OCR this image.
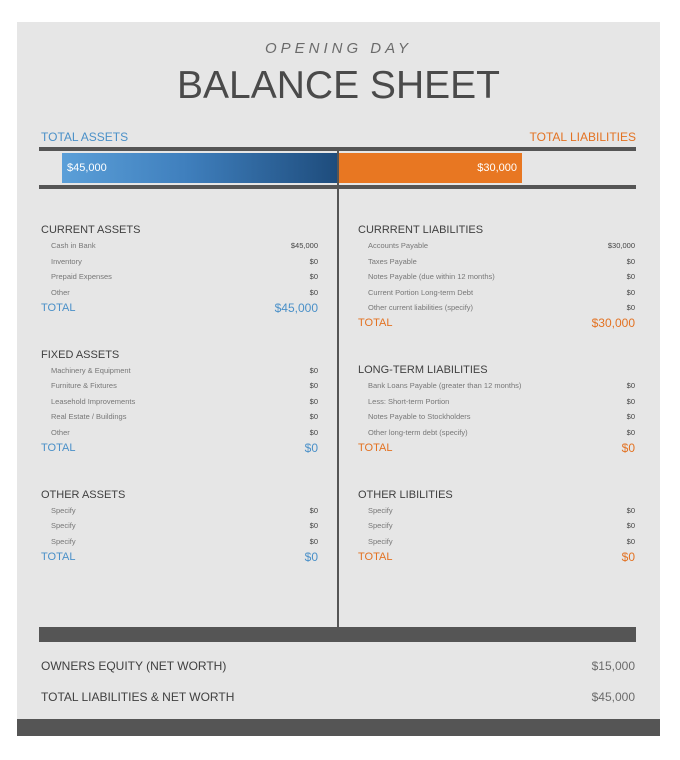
OPENING DAY
BALANCE SHEET
TOTAL ASSETS	TOTAL LIABILITIES
$45,000	$30,000
CURRENT ASSETS
Cash in Bank	$45,000
Inventory	$0
Prepaid Expenses	$0
Other	$0
TOTAL	$45,000
FIXED ASSETS
Machinery & Equipment	$0
Furniture & Fixtures	$0
Leasehold Improvements	$0
Real Estate / Buildings	$0
Other	$0
TOTAL	$0
OTHER ASSETS
Specify	$0
Specify	$0
Specify	$0
TOTAL	$0
CURRRENT LIABILITIES
Accounts Payable	$30,000
Taxes Payable	$0
Notes Payable (due within 12 months)	$0
Current Portion Long-term Debt	$0
Other current liabilities (specify)	$0
TOTAL	$30,000
LONG-TERM LIABILITIES
Bank Loans Payable (greater than 12 months)	$0
Less: Short-term Portion	$0
Notes Payable to Stockholders	$0
Other long-term debt (specify)	$0
TOTAL	$0
OTHER LIBILITIES
Specify	$0
Specify	$0
Specify	$0
TOTAL	$0
OWNERS EQUITY (NET WORTH)	$15,000
TOTAL LIABILITIES & NET WORTH	$45,000
